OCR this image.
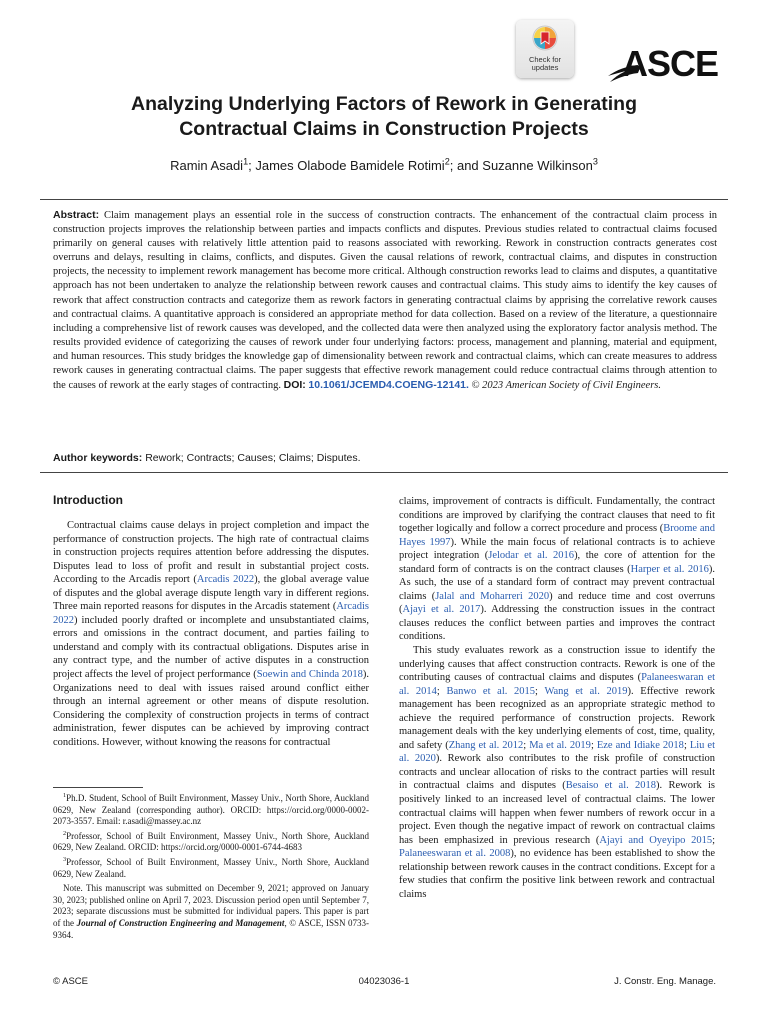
Check for
updates	ASCE
Analyzing Underlying Factors of Rework in Generating
Contractual Claims in Construction Projects
Ramin Asadi$^1$; James Olabode Bamidele Rotimi$^2$; and Suzanne Wilkinson$^3$

Abstract: Claim management plays an essential role in the success of construction contracts. The enhancement of the contractual claim process in construction projects improves the relationship between parties and impacts conflicts and disputes. Previous studies related to contractual claims focused primarily on general causes with relatively little attention paid to reasons associated with reworking. Rework in construction contracts generates cost overruns and delays, resulting in claims, conflicts, and disputes. Given the causal relations of rework, contractual claims, and disputes in construction projects, the necessity to implement rework management has become more critical. Although construction reworks lead to claims and disputes, a quantitative approach has not been undertaken to analyze the relationship between rework causes and contractual claims. This study aims to identify the key causes of rework that affect construction contracts and categorize them as rework factors in generating contractual claims by apprising the correlative rework causes and contractual claims. A quantitative approach is considered an appropriate method for data collection. Based on a review of the literature, a questionnaire including a comprehensive list of rework causes was developed, and the collected data were then analyzed using the exploratory factor analysis method. The results provided evidence of categorizing the causes of rework under four underlying factors: process, management and planning, material and equipment, and human resources. This study bridges the knowledge gap of dimensionality between rework and contractual claims, which can create measures to address rework causes in generating contractual claims. The paper suggests that effective rework management could reduce contractual claims through attention to the causes of rework at the early stages of contracting. DOI: 10.1061/JCEMD4.COENG-12141. © 2023 American Society of Civil Engineers.

Author keywords: Rework; Contracts; Causes; Claims; Disputes.

Introduction

Contractual claims cause delays in project completion and impact the performance of construction projects. The high rate of contractual claims in construction projects requires attention before addressing the disputes. Disputes lead to loss of profit and result in substantial project costs. According to the Arcadis report (Arcadis 2022), the global average value of disputes and the global average dispute length vary in different regions. Three main reported reasons for disputes in the Arcadis statement (Arcadis 2022) included poorly drafted or incomplete and unsubstantiated claims, errors and omissions in the contract document, and parties failing to understand and comply with its contractual obligations. Disputes arise in any contract type, and the number of active disputes in a construction project affects the level of project performance (Soewin and Chinda 2018). Organizations need to deal with issues raised around conflict either through an internal agreement or other means of dispute resolution. Considering the complexity of construction projects in terms of contract administration, fewer disputes can be achieved by improving contract conditions. However, without knowing the reasons for contractual

claims, improvement of contracts is difficult. Fundamentally, the contract conditions are improved by clarifying the contract clauses that need to fit together logically and follow a correct procedure and process (Broome and Hayes 1997). While the main focus of relational contracts is to achieve project integration (Jelodar et al. 2016), the core of attention for the standard form of contracts is on the contract clauses (Harper et al. 2016). As such, the use of a standard form of contract may prevent contractual claims (Jalal and Moharreri 2020) and reduce time and cost overruns (Ajayi et al. 2017). Addressing the construction issues in the contract clauses reduces the conflict between parties and improves the contract conditions.

This study evaluates rework as a construction issue to identify the underlying causes that affect construction contracts. Rework is one of the contributing causes of contractual claims and disputes (Palaneeswaran et al. 2014; Banwo et al. 2015; Wang et al. 2019). Effective rework management has been recognized as an appropriate strategic method to achieve the required performance of construction projects. Rework management deals with the key underlying elements of cost, time, quality, and safety (Zhang et al. 2012; Ma et al. 2019; Eze and Idiake 2018; Liu et al. 2020). Rework also contributes to the risk profile of construction contracts and unclear allocation of risks to the contract parties will result in contractual claims and disputes (Besaiso et al. 2018). Rework is positively linked to an increased level of contractual claims. The lower contractual claims will happen when fewer numbers of rework occur in a project. Even though the negative impact of rework on contractual claims has been emphasized in previous research (Ajayi and Oyeyipo 2015; Palaneeswaran et al. 2008), no evidence has been established to show the relationship between rework causes in the contract conditions. Except for a few studies that confirm the positive link between rework and contractual claims

$^1$Ph.D. Student, School of Built Environment, Massey Univ., North Shore, Auckland 0629, New Zealand (corresponding author). ORCID: https://orcid.org/0000-0002-2073-3557. Email: r.asadi@massey.ac.nz

$^2$Professor, School of Built Environment, Massey Univ., North Shore, Auckland 0629, New Zealand. ORCID: https://orcid.org/0000-0001-6744-4683

$^3$Professor, School of Built Environment, Massey Univ., North Shore, Auckland 0629, New Zealand.

Note. This manuscript was submitted on December 9, 2021; approved on January 30, 2023; published online on April 7, 2023. Discussion period open until September 7, 2023; separate discussions must be submitted for individual papers. This paper is part of the Journal of Construction Engineering and Management, © ASCE, ISSN 0733-9364.

© ASCE	04023036-1	J. Constr. Eng. Manage.
